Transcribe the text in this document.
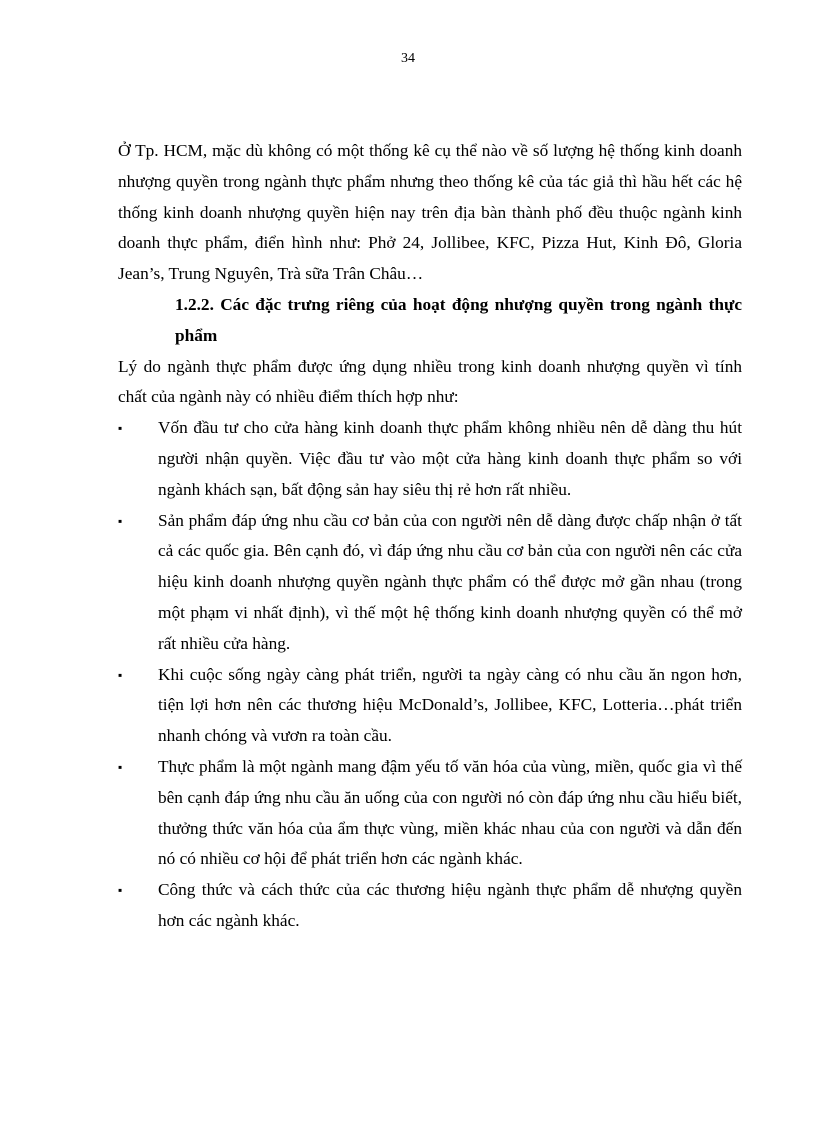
34

Ở Tp. HCM, mặc dù không có một thống kê cụ thể nào về số lượng hệ thống kinh doanh nhượng quyền trong ngành thực phẩm nhưng theo thống kê của tác giả thì hầu hết các hệ thống kinh doanh nhượng quyền hiện nay trên địa bàn thành phố đều thuộc ngành kinh doanh thực phẩm, điển hình như: Phở 24, Jollibee, KFC, Pizza Hut, Kinh Đô, Gloria Jean’s, Trung Nguyên, Trà sữa Trân Châu…

1.2.2. Các đặc trưng riêng của hoạt động nhượng quyền trong ngành thực phẩm

Lý do ngành thực phẩm được ứng dụng nhiều trong kinh doanh nhượng quyền vì tính chất của ngành này có nhiều điểm thích hợp như:

▪ Vốn đầu tư cho cửa hàng kinh doanh thực phẩm không nhiều nên dễ dàng thu hút người nhận quyền. Việc đầu tư vào một cửa hàng kinh doanh thực phẩm so với ngành khách sạn, bất động sản hay siêu thị rẻ hơn rất nhiều.

▪ Sản phẩm đáp ứng nhu cầu cơ bản của con người nên dễ dàng được chấp nhận ở tất cả các quốc gia. Bên cạnh đó, vì đáp ứng nhu cầu cơ bản của con người nên các cửa hiệu kinh doanh nhượng quyền ngành thực phẩm có thể được mở gần nhau (trong một phạm vi nhất định), vì thế một hệ thống kinh doanh nhượng quyền có thể mở rất nhiều cửa hàng.

▪ Khi cuộc sống ngày càng phát triển, người ta ngày càng có nhu cầu ăn ngon hơn, tiện lợi hơn nên các thương hiệu McDonald’s, Jollibee, KFC, Lotteria…phát triển nhanh chóng và vươn ra toàn cầu.

▪ Thực phẩm là một ngành mang đậm yếu tố văn hóa của vùng, miền, quốc gia vì thế bên cạnh đáp ứng nhu cầu ăn uống của con người nó còn đáp ứng nhu cầu hiểu biết, thưởng thức văn hóa của ẩm thực vùng, miền khác nhau của con người và dẫn đến nó có nhiều cơ hội để phát triển hơn các ngành khác.

▪ Công thức và cách thức của các thương hiệu ngành thực phẩm dễ nhượng quyền hơn các ngành khác.
